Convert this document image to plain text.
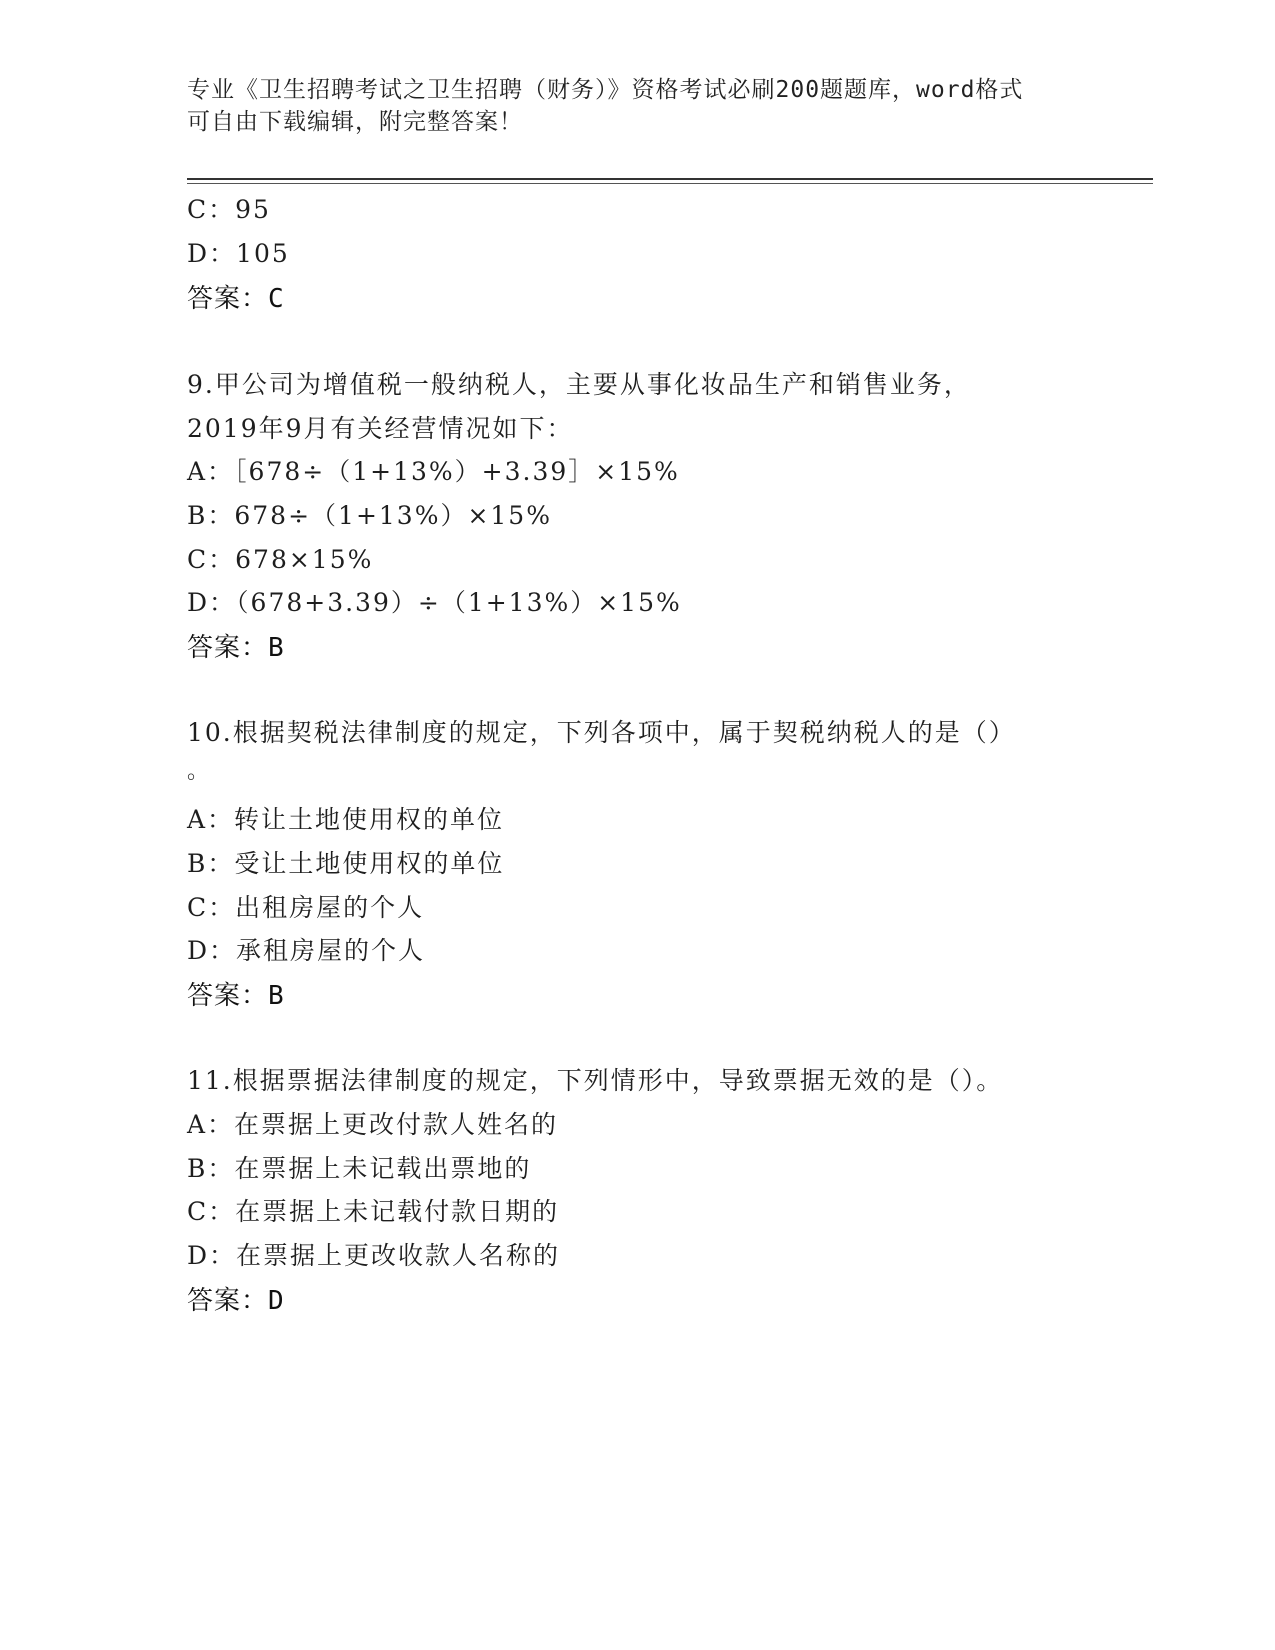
专业《卫生招聘考试之卫生招聘（财务）》资格考试必刷200题题库，word格式
可自由下载编辑，附完整答案！
C：95
D：105
答案：C
9.甲公司为增值税一般纳税人，主要从事化妆品生产和销售业务，
2019年9月有关经营情况如下：
A：［678÷（1+13%）+3.39］×15%
B：678÷（1+13%）×15%
C：678×15%
D：（678+3.39）÷（1+13%）×15%
答案：B
10.根据契税法律制度的规定，下列各项中，属于契税纳税人的是（）
。
A：转让土地使用权的单位
B：受让土地使用权的单位
C：出租房屋的个人
D：承租房屋的个人
答案：B
11.根据票据法律制度的规定，下列情形中，导致票据无效的是（）。
A：在票据上更改付款人姓名的
B：在票据上未记载出票地的
C：在票据上未记载付款日期的
D：在票据上更改收款人名称的
答案：D
